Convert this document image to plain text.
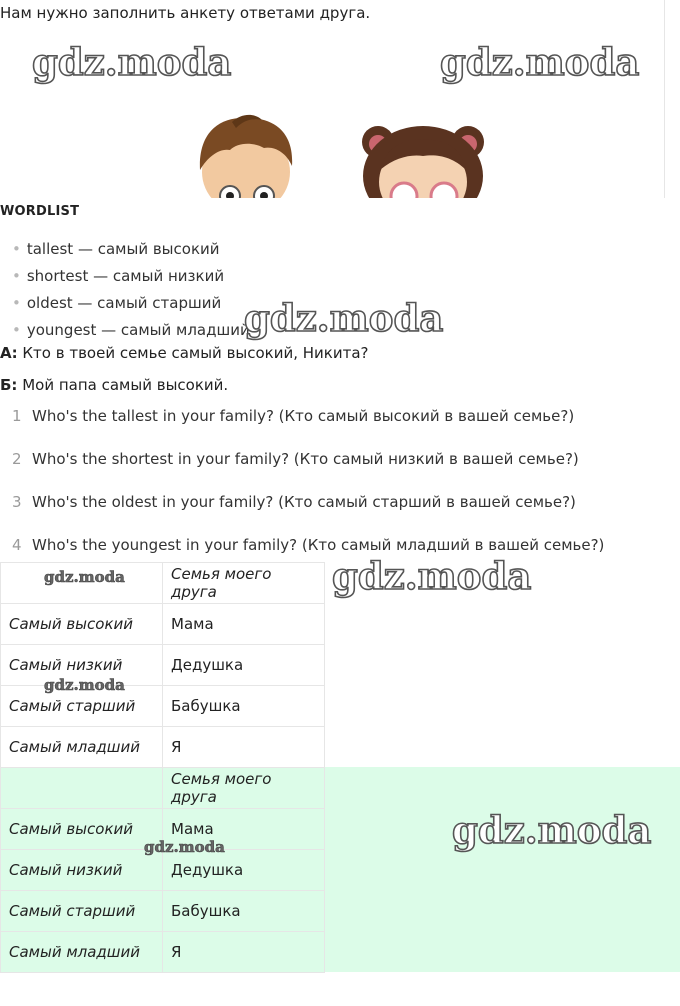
Нам нужно заполнить анкету ответами друга.
gdz.moda	gdz.moda
WORDLIST
• tallest — самый высокий
• shortest — самый низкий
• oldest — самый старший
• youngest — самый младший
gdz.moda
А: Кто в твоей семье самый высокий, Никита?
Б: Мой папа самый высокий.
1 Who's the tallest in your family? (Кто самый высокий в вашей семье?)
2 Who's the shortest in your family? (Кто самый низкий в вашей семье?)
3 Who's the oldest in your family? (Кто самый старший в вашей семье?)
4 Who's the youngest in your family? (Кто самый младший в вашей семье?)
	Семья моего друга
Самый высокий	Мама
Самый низкий	Дедушка
Самый старший	Бабушка
Самый младший	Я
gdz.moda	gdz.moda
gdz.moda
	Семья моего друга
Самый высокий	Мама
Самый низкий	Дедушка
Самый старший	Бабушка
Самый младший	Я
gdz.moda	gdz.moda
